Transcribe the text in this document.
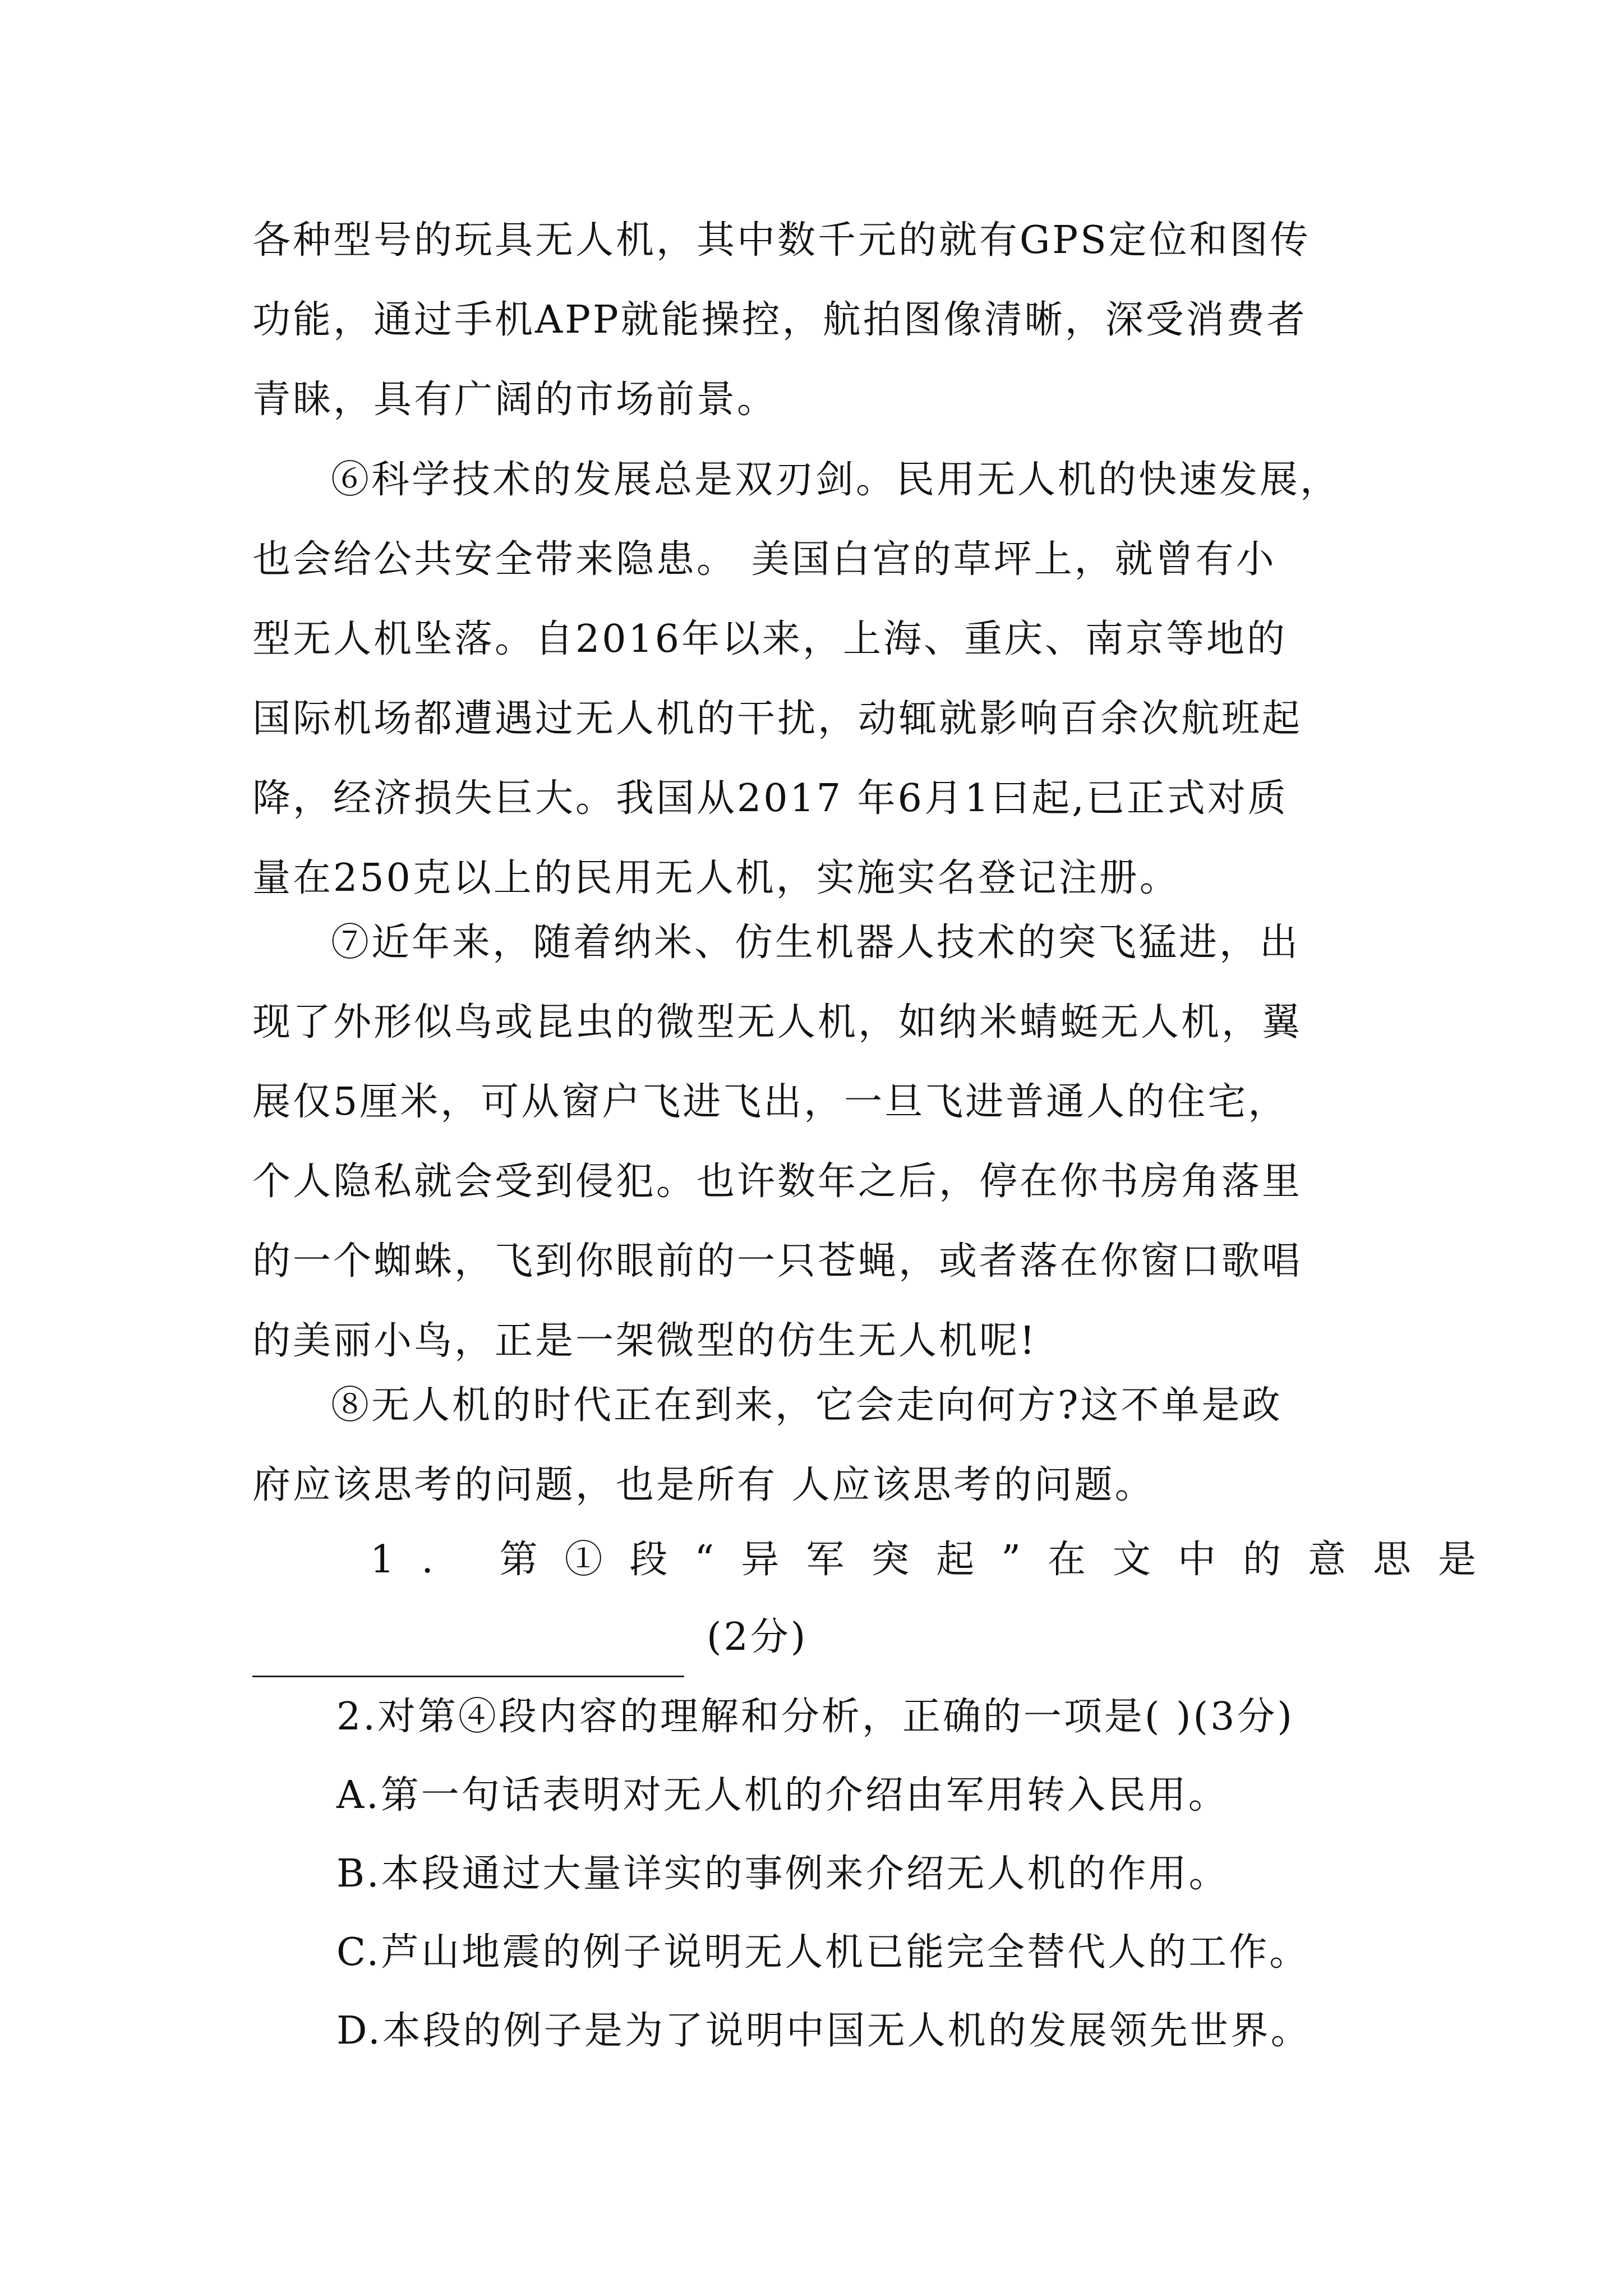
各种型号的玩具无人机，其中数千元的就有GPS定位和图传
功能，通过手机APP就能操控，航拍图像清晰，深受消费者
青睐，具有广阔的市场前景。
⑥科学技术的发展总是双刃剑。民用无人机的快速发展，
也会给公共安全带来隐患。 美国白宫的草坪上，就曾有小
型无人机坠落。自2016年以来，上海、重庆、南京等地的
国际机场都遭遇过无人机的干扰，动辄就影响百余次航班起
降，经济损失巨大。我国从2017 年6月1曰起,已正式对质
量在250克以上的民用无人机，实施实名登记注册。
⑦近年来，随着纳米、仿生机器人技术的突飞猛进，出
现了外形似鸟或昆虫的微型无人机，如纳米蜻蜓无人机，翼
展仅5厘米，可从窗户飞进飞出，一旦飞进普通人的住宅，
个人隐私就会受到侵犯。也许数年之后，停在你书房角落里
的一个蜘蛛，飞到你眼前的一只苍蝇，或者落在你窗口歌唱
的美丽小鸟，正是一架微型的仿生无人机呢!
⑧无人机的时代正在到来，它会走向何方?这不单是政
府应该思考的问题，也是所有 人应该思考的问题。
1. 第①段“异军突起”在文中的意思是
(2分)
2.对第④段内容的理解和分析，正确的一项是( )(3分)
A.第一句话表明对无人机的介绍由军用转入民用。
B.本段通过大量详实的事例来介绍无人机的作用。
C.芦山地震的例子说明无人机已能完全替代人的工作。
D.本段的例子是为了说明中国无人机的发展领先世界。
